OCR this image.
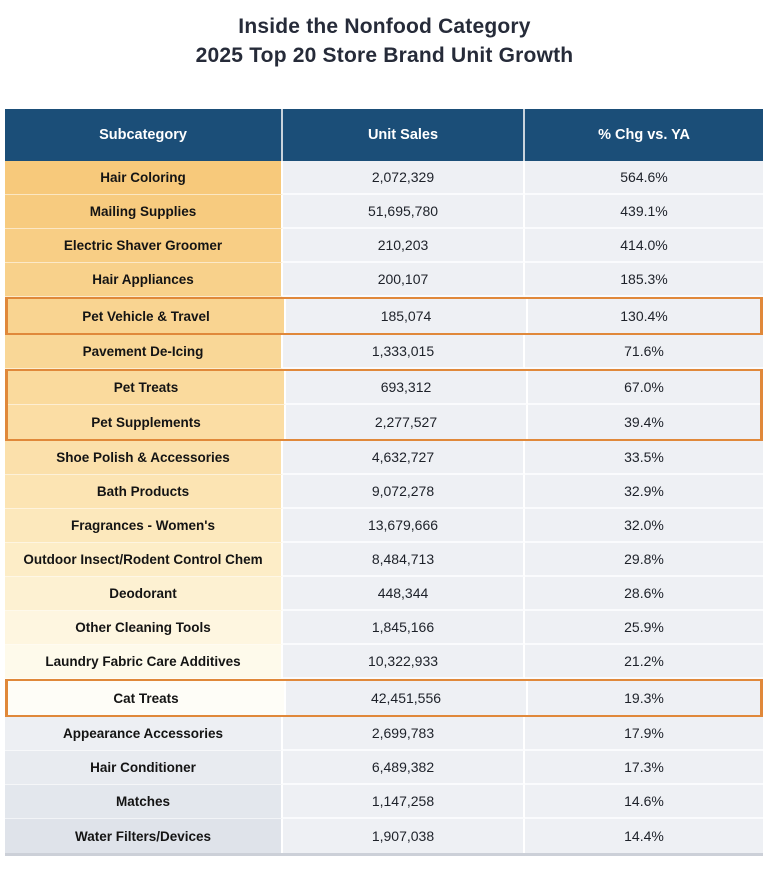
Inside the Nonfood Category
2025 Top 20 Store Brand Unit Growth
Subcategory	Unit Sales	% Chg vs. YA
Hair Coloring	2,072,329	564.6%
Mailing Supplies	51,695,780	439.1%
Electric Shaver Groomer	210,203	414.0%
Hair Appliances	200,107	185.3%
Pet Vehicle & Travel	185,074	130.4%
Pavement De-Icing	1,333,015	71.6%
Pet Treats	693,312	67.0%
Pet Supplements	2,277,527	39.4%
Shoe Polish & Accessories	4,632,727	33.5%
Bath Products	9,072,278	32.9%
Fragrances - Women's	13,679,666	32.0%
Outdoor Insect/Rodent Control Chem	8,484,713	29.8%
Deodorant	448,344	28.6%
Other Cleaning Tools	1,845,166	25.9%
Laundry Fabric Care Additives	10,322,933	21.2%
Cat Treats	42,451,556	19.3%
Appearance Accessories	2,699,783	17.9%
Hair Conditioner	6,489,382	17.3%
Matches	1,147,258	14.6%
Water Filters/Devices	1,907,038	14.4%
